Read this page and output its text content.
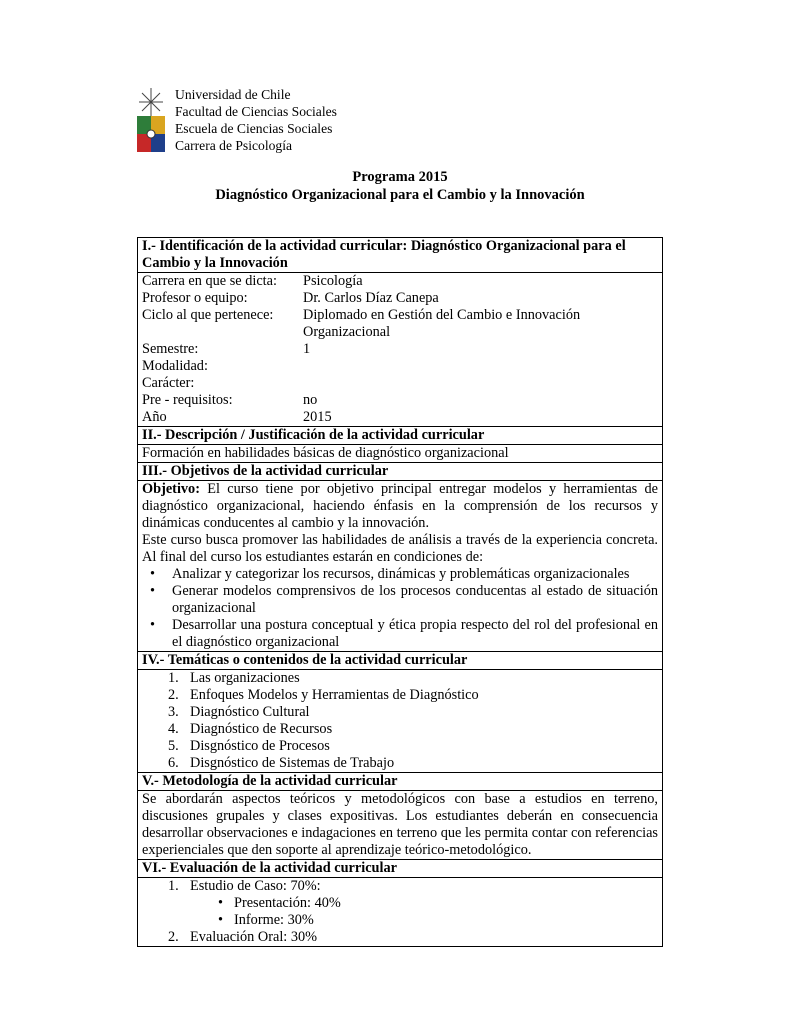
Universidad de Chile
Facultad de Ciencias Sociales
Escuela de Ciencias Sociales
Carrera de Psicología
Programa 2015
Diagnóstico Organizacional para el Cambio y la Innovación
I.- Identificación de la actividad curricular: Diagnóstico Organizacional para el Cambio y la Innovación
Carrera en que se dicta:	Psicología
Profesor o equipo:	Dr. Carlos Díaz Canepa
Ciclo al que pertenece:	Diplomado en Gestión del Cambio e Innovación Organizacional
Semestre:	1
Modalidad:
Carácter:
Pre - requisitos:	no
Año	2015
II.- Descripción / Justificación de la actividad curricular
Formación en habilidades básicas de diagnóstico organizacional
III.- Objetivos de la actividad curricular
Objetivo: El curso tiene por objetivo principal entregar modelos y herramientas de diagnóstico organizacional, haciendo énfasis en la comprensión de los recursos y dinámicas conducentes al cambio y la innovación.
Este curso busca promover las habilidades de análisis a través de la experiencia concreta. Al final del curso los estudiantes estarán en condiciones de:
• Analizar y categorizar los recursos, dinámicas y problemáticas organizacionales
• Generar modelos comprensivos de los procesos conducentas al estado de situación organizacional
• Desarrollar una postura conceptual y ética propia respecto del rol del profesional en el diagnóstico organizacional
IV.- Temáticas o contenidos de la actividad curricular
1. Las organizaciones
2. Enfoques Modelos y Herramientas de Diagnóstico
3. Diagnóstico Cultural
4. Diagnóstico de Recursos
5. Disgnóstico de Procesos
6. Disgnóstico de Sistemas de Trabajo
V.- Metodología de la actividad curricular
Se abordarán aspectos teóricos y metodológicos con base a estudios en terreno, discusiones grupales y clases expositivas. Los estudiantes deberán en consecuencia desarrollar observaciones e indagaciones en terreno que les permita contar con referencias experienciales que den soporte al aprendizaje teórico-metodológico.
VI.- Evaluación de la actividad curricular
1. Estudio de Caso: 70%:
• Presentación: 40%
• Informe: 30%
2. Evaluación Oral: 30%
